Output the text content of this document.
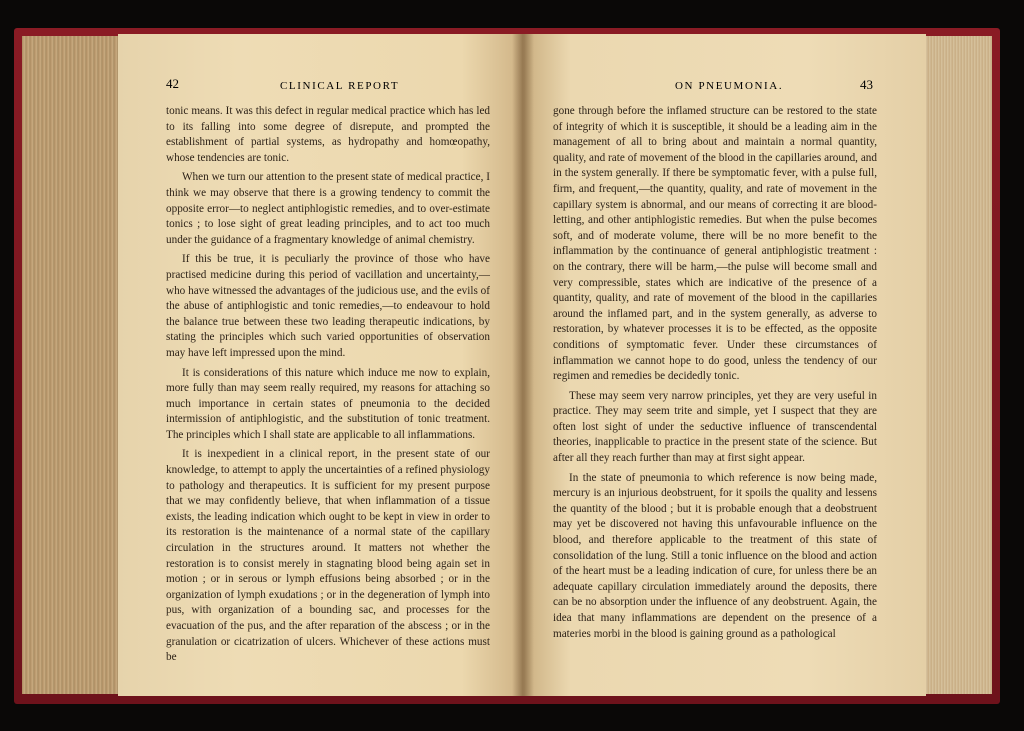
42	CLINICAL REPORT	ON PNEUMONIA.	43

tonic means. It was this defect in regular medical practice which has led to its falling into some degree of disrepute, and prompted the establishment of partial systems, as hydropathy and homœopathy, whose tendencies are tonic.

When we turn our attention to the present state of medical practice, I think we may observe that there is a growing tendency to commit the opposite error—to neglect antiphlogistic remedies, and to over-estimate tonics ; to lose sight of great leading principles, and to act too much under the guidance of a fragmentary knowledge of animal chemistry.

If this be true, it is peculiarly the province of those who have practised medicine during this period of vacillation and uncertainty,—who have witnessed the advantages of the judicious use, and the evils of the abuse of antiphlogistic and tonic remedies,—to endeavour to hold the balance true between these two leading therapeutic indications, by stating the principles which such varied opportunities of observation may have left impressed upon the mind.

It is considerations of this nature which induce me now to explain, more fully than may seem really required, my reasons for attaching so much importance in certain states of pneumonia to the decided intermission of antiphlogistic, and the substitution of tonic treatment. The principles which I shall state are applicable to all inflammations.

It is inexpedient in a clinical report, in the present state of our knowledge, to attempt to apply the uncertainties of a refined physiology to pathology and therapeutics. It is sufficient for my present purpose that we may confidently believe, that when inflammation of a tissue exists, the leading indication which ought to be kept in view in order to its restoration is the maintenance of a normal state of the capillary circulation in the structures around. It matters not whether the restoration is to consist merely in stagnating blood being again set in motion ; or in serous or lymph effusions being absorbed ; or in the organization of lymph exudations ; or in the degeneration of lymph into pus, with organization of a bounding sac, and processes for the evacuation of the pus, and the after reparation of the abscess ; or in the granulation or cicatrization of ulcers. Whichever of these actions must be

gone through before the inflamed structure can be restored to the state of integrity of which it is susceptible, it should be a leading aim in the management of all to bring about and maintain a normal quantity, quality, and rate of movement of the blood in the capillaries around, and in the system generally. If there be symptomatic fever, with a pulse full, firm, and frequent,—the quantity, quality, and rate of movement in the capillary system is abnormal, and our means of correcting it are blood-letting, and other antiphlogistic remedies. But when the pulse becomes soft, and of moderate volume, there will be no more benefit to the inflammation by the continuance of general antiphlogistic treatment : on the contrary, there will be harm,—the pulse will become small and very compressible, states which are indicative of the presence of a quantity, quality, and rate of movement of the blood in the capillaries around the inflamed part, and in the system generally, as adverse to restoration, by whatever processes it is to be effected, as the opposite conditions of symptomatic fever. Under these circumstances of inflammation we cannot hope to do good, unless the tendency of our regimen and remedies be decidedly tonic.

These may seem very narrow principles, yet they are very useful in practice. They may seem trite and simple, yet I suspect that they are often lost sight of under the seductive influence of transcendental theories, inapplicable to practice in the present state of the science. But after all they reach further than may at first sight appear.

In the state of pneumonia to which reference is now being made, mercury is an injurious deobstruent, for it spoils the quality and lessens the quantity of the blood ; but it is probable enough that a deobstruent may yet be discovered not having this unfavourable influence on the blood, and therefore applicable to the treatment of this state of consolidation of the lung. Still a tonic influence on the blood and action of the heart must be a leading indication of cure, for unless there be an adequate capillary circulation immediately around the deposits, there can be no absorption under the influence of any deobstruent. Again, the idea that many inflammations are dependent on the presence of a materies morbi in the blood is gaining ground as a pathological
